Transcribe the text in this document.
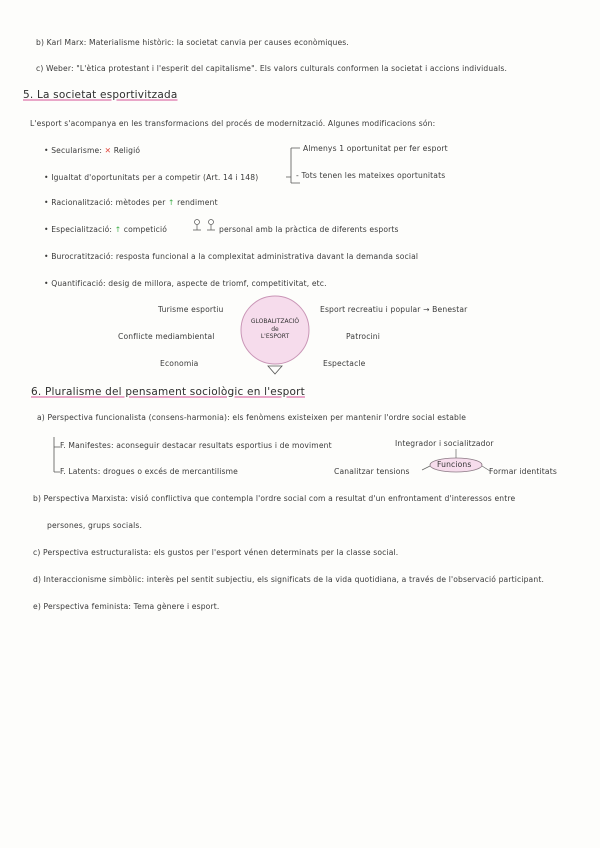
b) Karl Marx: Materialisme històric: la societat canvia per causes econòmiques.
c) Weber: "L'ètica protestant i l'esperit del capitalisme". Els valors culturals conformen la societat i accions individuals.
5. La societat esportivitzada
L'esport s'acompanya en les transformacions del procés de modernització. Algunes modificacions són:
• Secularisme: ✕ Religió
• Igualtat d'oportunitats per a competir (Art. 14 i 148)
Almenys 1 oportunitat per fer esport
- Tots tenen les mateixes oportunitats
• Racionalització: mètodes per ↑ rendiment
• Especialització: ↑ competició	personal amb la pràctica de diferents esports
• Burocratització: resposta funcional a la complexitat administrativa davant la demanda social
• Quantificació: desig de millora, aspecte de triomf, competitivitat, etc.
GLOBALITZACIÓ
de
L'ESPORT
Turisme esportiu
Conflicte mediambiental
Economia
Esport recreatiu i popular → Benestar
Patrocini
Espectacle
6. Pluralisme del pensament sociològic en l'esport
a) Perspectiva funcionalista (consens-harmonia): els fenòmens existeixen per mantenir l'ordre social estable
F. Manifestes: aconseguir destacar resultats esportius i de moviment
F. Latents: drogues o excés de mercantilisme
Integrador i socialitzador
Funcions
Canalitzar tensions	Formar identitats
b) Perspectiva Marxista: visió conflictiva que contempla l'ordre social com a resultat d'un enfrontament d'interessos entre
persones, grups socials.
c) Perspectiva estructuralista: els gustos per l'esport vénen determinats per la classe social.
d) Interaccionisme simbòlic: interès pel sentit subjectiu, els significats de la vida quotidiana, a través de l'observació participant.
e) Perspectiva feminista: Tema gènere i esport.
